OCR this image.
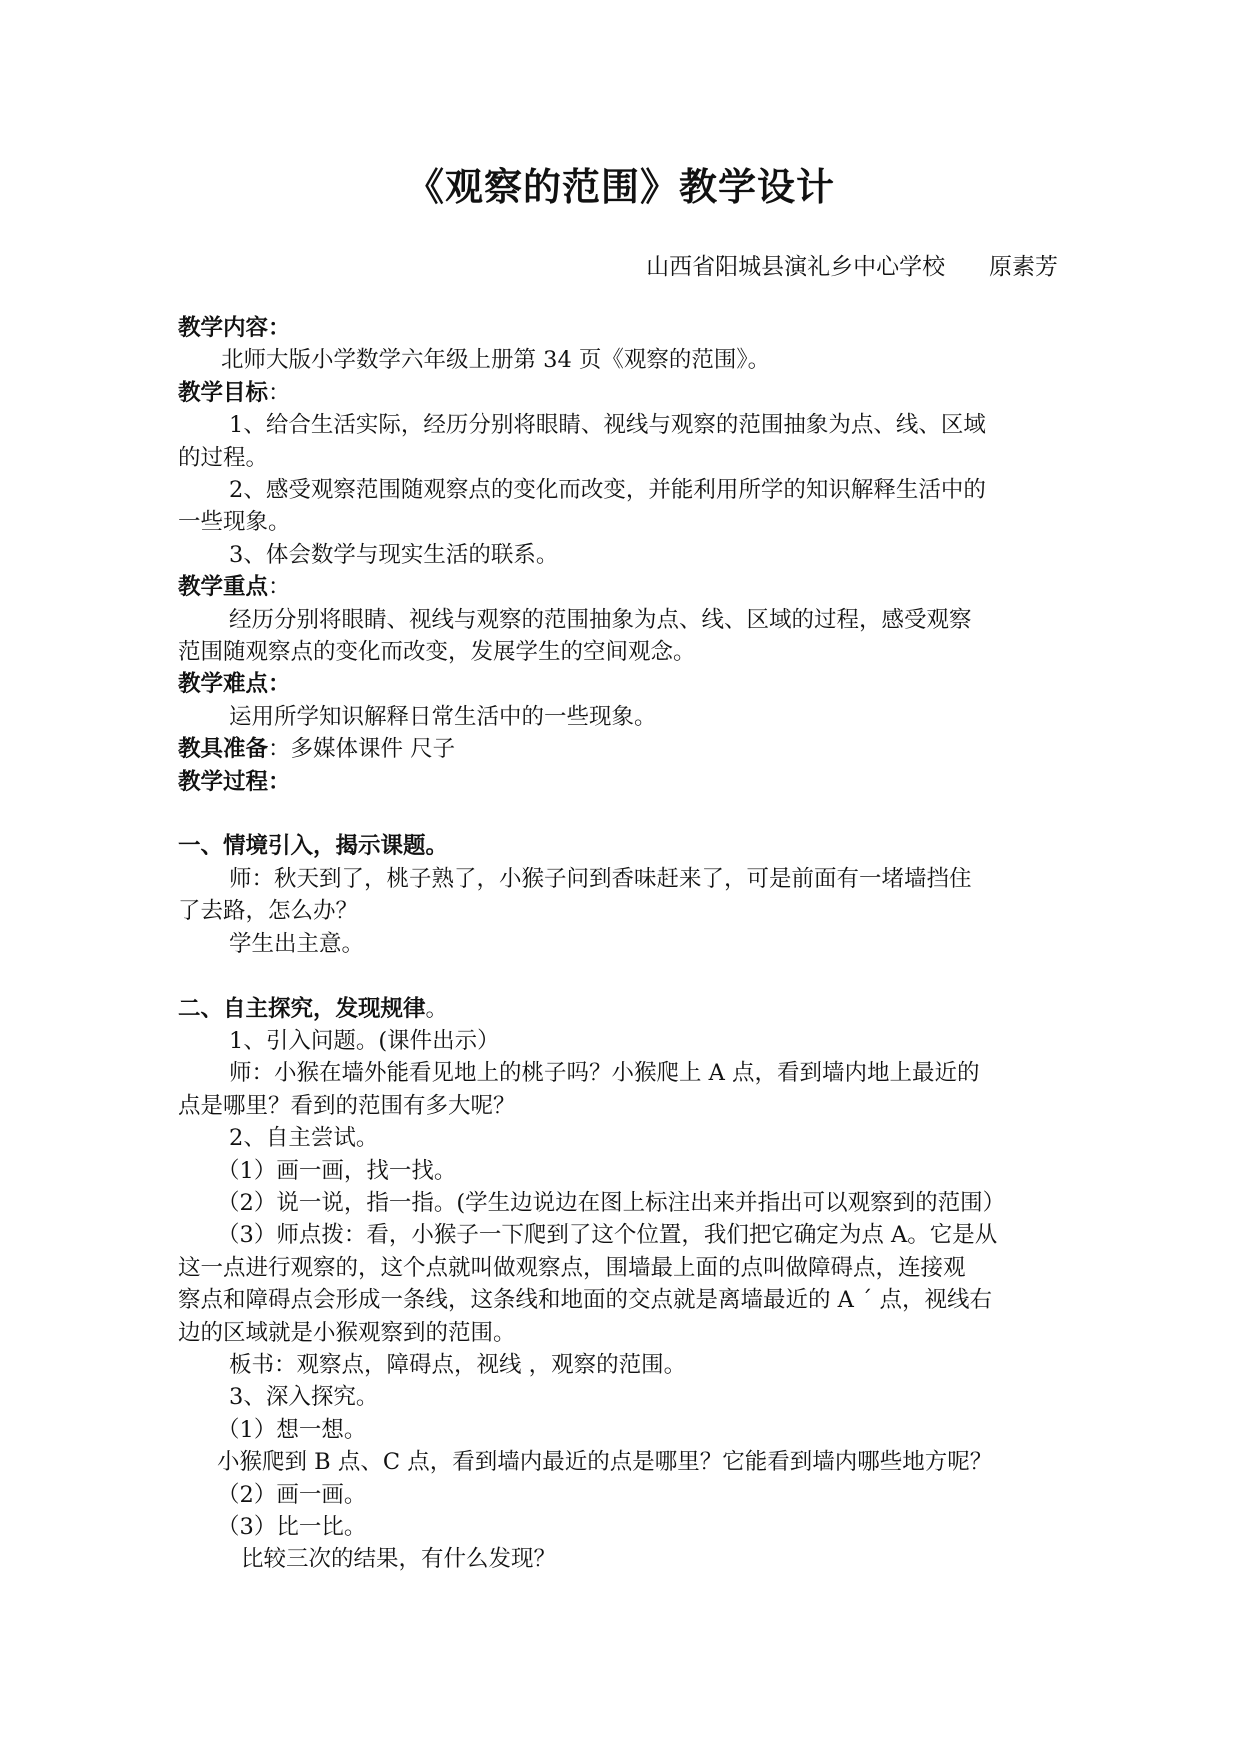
《观察的范围》教学设计
山西省阳城县演礼乡中心学校      原素芳

教学内容：

北师大版小学数学六年级上册第 34 页《观察的范围》。

教学目标：

1、给合生活实际，经历分别将眼睛、视线与观察的范围抽象为点、线、区域

的过程。

2、感受观察范围随观察点的变化而改变，并能利用所学的知识解释生活中的

一些现象。

3、体会数学与现实生活的联系。

教学重点：

经历分别将眼睛、视线与观察的范围抽象为点、线、区域的过程，感受观察

范围随观察点的变化而改变，发展学生的空间观念。

教学难点：

运用所学知识解释日常生活中的一些现象。

教具准备：多媒体课件 尺子

教学过程：

一、情境引入，揭示课题。

师：秋天到了，桃子熟了，小猴子问到香味赶来了，可是前面有一堵墙挡住

了去路，怎么办？

学生出主意。

二、自主探究，发现规律。

1、引入问题。(课件出示）

师：小猴在墙外能看见地上的桃子吗？小猴爬上 A 点，看到墙内地上最近的

点是哪里？看到的范围有多大呢？

2、自主尝试。

（1）画一画，找一找。

（2）说一说，指一指。(学生边说边在图上标注出来并指出可以观察到的范围）

（3）师点拨：看，小猴子一下爬到了这个位置，我们把它确定为点 A。它是从

这一点进行观察的，这个点就叫做观察点，围墙最上面的点叫做障碍点，连接观

察点和障碍点会形成一条线，这条线和地面的交点就是离墙最近的 A ˊ 点，视线右

边的区域就是小猴观察到的范围。

板书：观察点，障碍点，视线 ，观察的范围。

3、深入探究。

（1）想一想。

小猴爬到 B 点、C 点，看到墙内最近的点是哪里？它能看到墙内哪些地方呢？

（2）画一画。

（3）比一比。

比较三次的结果，有什么发现？
